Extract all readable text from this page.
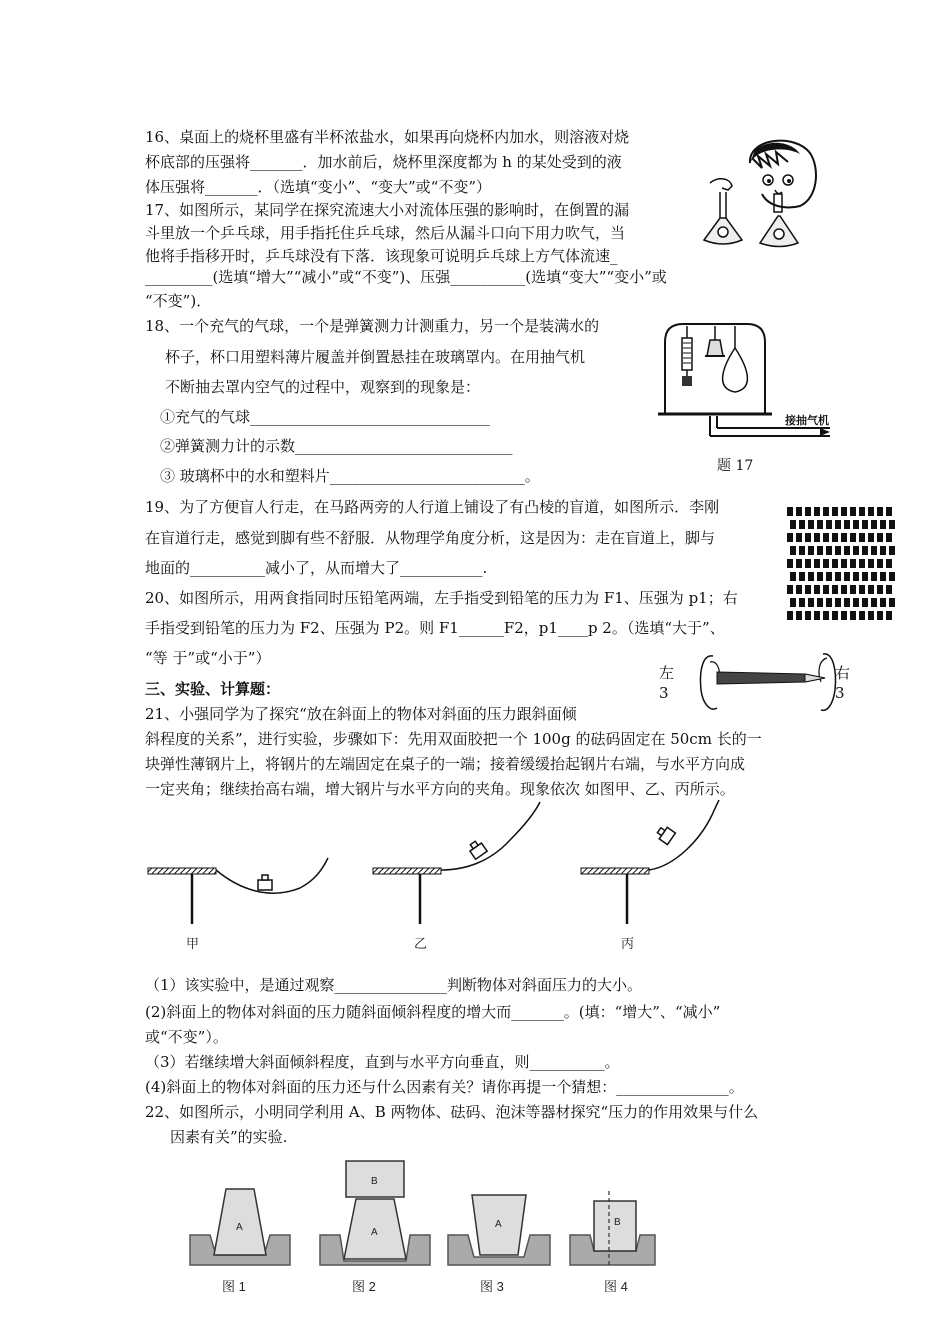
16、桌面上的烧杯里盛有半杯浓盐水，如果再向烧杯内加水，则溶液对烧
杯底部的压强将_______．加水前后，烧杯里深度都为 h 的某处受到的液
体压强将_______．（选填“变小”、“变大”或“不变”）
17、如图所示，某同学在探究流速大小对流体压强的影响时，在倒置的漏
斗里放一个乒乓球，用手指托住乒乓球，然后从漏斗口向下用力吹气，当
他将手指移开时，乒乓球没有下落．该现象可说明乒乓球上方气体流速_
_________(选填“增大”“减小”或“不变”)、压强__________(选填“变大”“变小”或
“不变”)．
18、一个充气的气球，一个是弹簧测力计测重力，另一个是装满水的
杯子，杯口用塑料薄片履盖并倒置悬挂在玻璃罩内。在用抽气机
不断抽去罩内空气的过程中，观察到的现象是：
①充气的气球________________________________
②弹簧测力计的示数_____________________________
③ 玻璃杯中的水和塑料片__________________________。
接抽气机
题 17
19、为了方便盲人行走，在马路两旁的人行道上铺设了有凸棱的盲道，如图所示．李刚
在盲道行走，感觉到脚有些不舒服．从物理学角度分析，这是因为：走在盲道上，脚与
地面的__________减小了，从而增大了___________.
20、如图所示，用两食指同时压铅笔两端，左手指受到铅笔的压力为 F1、压强为 p1；右
手指受到铅笔的压力为 F2、压强为 P2。则 F1______F2，p1____p 2。（选填“大于”、
“等 于”或“小于”）
左
3
右
3
三、实验、计算题：
21、小强同学为了探究“放在斜面上的物体对斜面的压力跟斜面倾
斜程度的关系”，进行实验，步骤如下：先用双面胶把一个 100g 的砝码固定在 50cm 长的一
块弹性薄钢片上，将钢片的左端固定在桌子的一端；接着缓缓抬起钢片右端，与水平方向成
一定夹角；继续抬高右端，增大钢片与水平方向的夹角。现象依次 如图甲、乙、丙所示。
甲	乙	丙
（1）该实验中，是通过观察_______________判断物体对斜面压力的大小。
(2)斜面上的物体对斜面的压力随斜面倾斜程度的增大而_______。(填：“增大”、“减小”
或“不变”）。
（3）若继续增大斜面倾斜程度，直到与水平方向垂直，则__________。
(4)斜面上的物体对斜面的压力还与什么因素有关？请你再提一个猜想：_______________。
22、如图所示，小明同学利用 A、B 两物体、砝码、泡沫等器材探究“压力的作用效果与什么
因素有关”的实验.
A
图 1
B
A
图 2
A
图 3
B
图 4
